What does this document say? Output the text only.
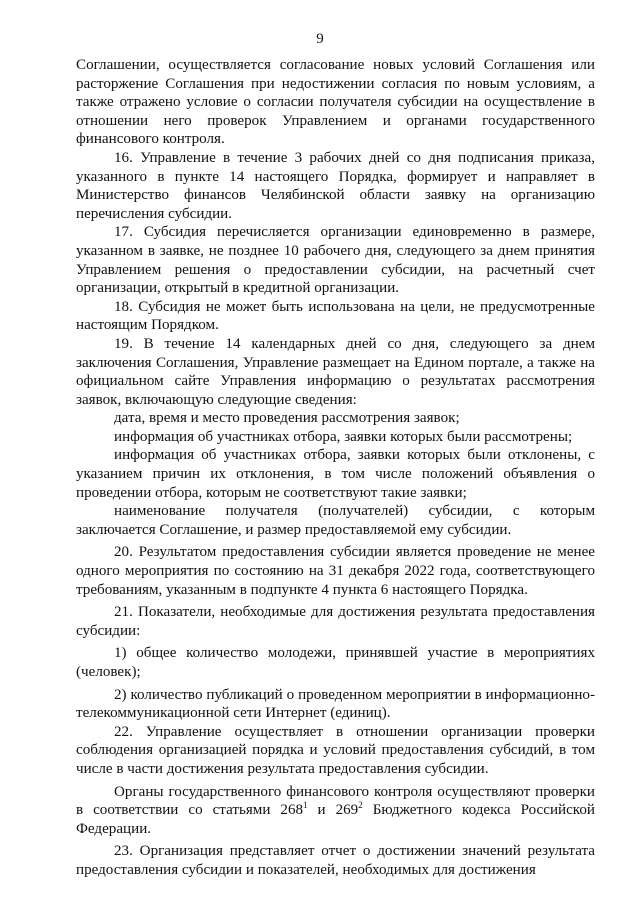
9

Соглашении, осуществляется согласование новых условий Соглашения или расторжение Соглашения при недостижении согласия по новым условиям, а также отражено условие о согласии получателя субсидии на осуществление в отношении него проверок Управлением и органами государственного финансового контроля.

16. Управление в течение 3 рабочих дней со дня подписания приказа, указанного в пункте 14 настоящего Порядка, формирует и направляет в Министерство финансов Челябинской области заявку на организацию перечисления субсидии.

17. Субсидия перечисляется организации единовременно в размере, указанном в заявке, не позднее 10 рабочего дня, следующего за днем принятия Управлением решения о предоставлении субсидии, на расчетный счет организации, открытый в кредитной организации.

18. Субсидия не может быть использована на цели, не предусмотренные настоящим Порядком.

19. В течение 14 календарных дней со дня, следующего за днем заключения Соглашения, Управление размещает на Едином портале, а также на официальном сайте Управления информацию о результатах рассмотрения заявок, включающую следующие сведения:

дата, время и место проведения рассмотрения заявок;

информация об участниках отбора, заявки которых были рассмотрены;

информация об участниках отбора, заявки которых были отклонены, с указанием причин их отклонения, в том числе положений объявления о проведении отбора, которым не соответствуют такие заявки;

наименование получателя (получателей) субсидии, с которым заключается Соглашение, и размер предоставляемой ему субсидии.

20. Результатом предоставления субсидии является проведение не менее одного мероприятия по состоянию на 31 декабря 2022 года, соответствующего требованиям, указанным в подпункте 4 пункта 6 настоящего Порядка.

21. Показатели, необходимые для достижения результата предоставления субсидии:

1) общее количество молодежи, принявшей участие в мероприятиях (человек);

2) количество публикаций о проведенном мероприятии в информационно-телекоммуникационной сети Интернет (единиц).

22. Управление осуществляет в отношении организации проверки соблюдения организацией порядка и условий предоставления субсидий, в том числе в части достижения результата предоставления субсидии.

Органы государственного финансового контроля осуществляют проверки в соответствии со статьями $268^1$ и $269^2$ Бюджетного кодекса Российской Федерации.

23. Организация представляет отчет о достижении значений результата предоставления субсидии и показателей, необходимых для достижения
